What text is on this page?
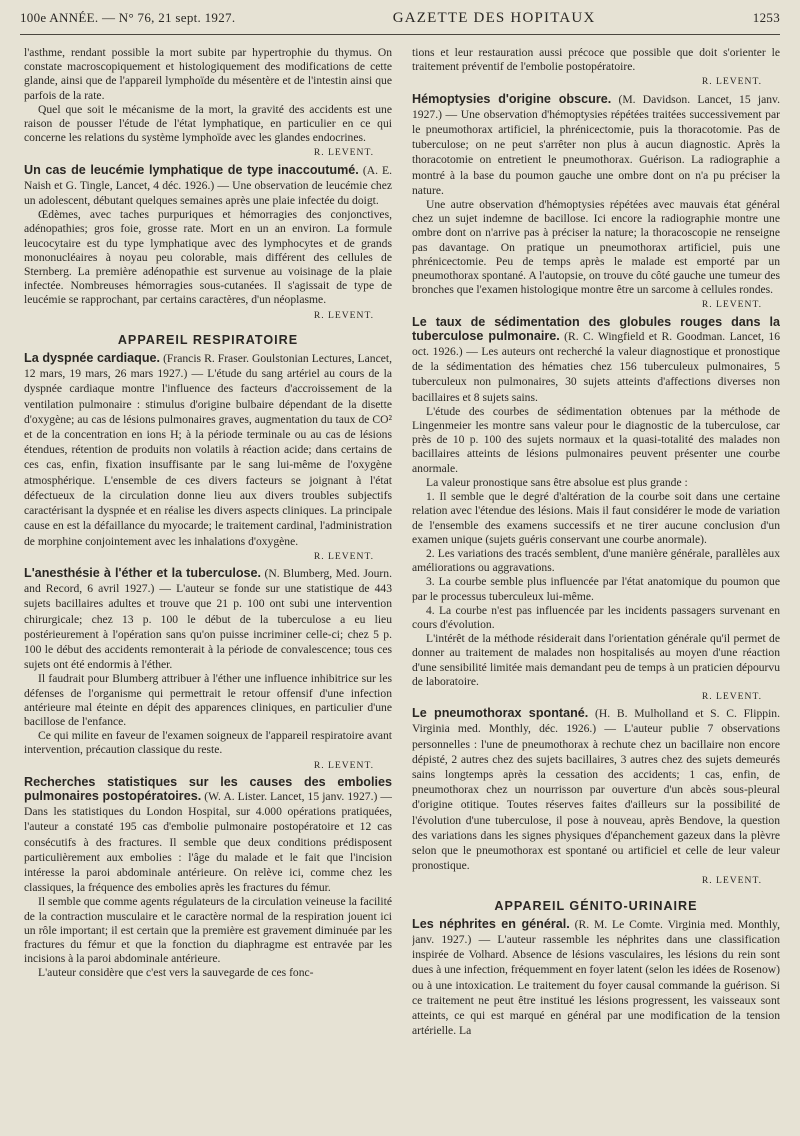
100e ANNÉE. — N° 76, 21 sept. 1927.	GAZETTE DES HOPITAUX	1253

l'asthme, rendant possible la mort subite par hypertrophie du thymus. On constate macroscopiquement et histologiquement des modifications de cette glande, ainsi que de l'appareil lymphoïde du mésentère et de l'intestin ainsi que parfois de la rate.

Quel que soit le mécanisme de la mort, la gravité des accidents est une raison de pousser l'étude de l'état lymphatique, en particulier en ce qui concerne les relations du système lymphoïde avec les glandes endocrines.

R. LEVENT.

Un cas de leucémie lymphatique de type inaccoutumé. (A. E. Naish et G. Tingle, Lancet, 4 déc. 1926.) — Une observation de leucémie chez un adolescent, débutant quelques semaines après une plaie infectée du doigt.

Œdèmes, avec taches purpuriques et hémorragies des conjonctives, adénopathies; gros foie, grosse rate. Mort en un an environ. La formule leucocytaire est du type lymphatique avec des lymphocytes et de grands mononucléaires à noyau peu colorable, mais différent des cellules de Sternberg. La première adénopathie est survenue au voisinage de la plaie infectée. Nombreuses hémorragies sous-cutanées. Il s'agissait de type de leucémie se rapprochant, par certains caractères, d'un néoplasme.

R. LEVENT.
APPAREIL RESPIRATOIRE

La dyspnée cardiaque. (Francis R. Fraser. Goulstonian Lectures, Lancet, 12 mars, 19 mars, 26 mars 1927.) — L'étude du sang artériel au cours de la dyspnée cardiaque montre l'influence des facteurs d'accroissement de la ventilation pulmonaire : stimulus d'origine bulbaire dépendant de la disette d'oxygène; au cas de lésions pulmonaires graves, augmentation du taux de CO² et de la concentration en ions H; à la période terminale ou au cas de lésions étendues, rétention de produits non volatils à réaction acide; dans certains de ces cas, enfin, fixation insuffisante par le sang lui-même de l'oxygène atmosphérique. L'ensemble de ces divers facteurs se joignant à l'état défectueux de la circulation donne lieu aux divers troubles subjectifs caractérisant la dyspnée et en réalise les divers aspects cliniques. La principale cause en est la défaillance du myocarde; le traitement cardinal, l'administration de morphine conjointement avec les inhalations d'oxygène.

R. LEVENT.

L'anesthésie à l'éther et la tuberculose. (N. Blumberg, Med. Journ. and Record, 6 avril 1927.) — L'auteur se fonde sur une statistique de 443 sujets bacillaires adultes et trouve que 21 p. 100 ont subi une intervention chirurgicale; chez 13 p. 100 le début de la tuberculose a eu lieu postérieurement à l'opération sans qu'on puisse incriminer celle-ci; chez 5 p. 100 le début des accidents remonterait à la période de convalescence; tous ces sujets ont été endormis à l'éther.

Il faudrait pour Blumberg attribuer à l'éther une influence inhibitrice sur les défenses de l'organisme qui permettrait le retour offensif d'une infection antérieure mal éteinte en dépit des apparences cliniques, en particulier d'une bacillose de l'enfance.

Ce qui milite en faveur de l'examen soigneux de l'appareil respiratoire avant intervention, précaution classique du reste.

R. LEVENT.

Recherches statistiques sur les causes des embolies pulmonaires postopératoires. (W. A. Lister. Lancet, 15 janv. 1927.) — Dans les statistiques du London Hospital, sur 4.000 opérations pratiquées, l'auteur a constaté 195 cas d'embolie pulmonaire postopératoire et 12 cas consécutifs à des fractures. Il semble que deux conditions prédisposent particulièrement aux embolies : l'âge du malade et le fait que l'incision intéresse la paroi abdominale antérieure. On relève ici, comme chez les classiques, la fréquence des embolies après les fractures du fémur.

Il semble que comme agents régulateurs de la circulation veineuse la facilité de la contraction musculaire et le caractère normal de la respiration jouent ici un rôle important; il est certain que la première est gravement diminuée par les fractures du fémur et que la fonction du diaphragme est entravée par les incisions à la paroi abdominale antérieure.

L'auteur considère que c'est vers la sauvegarde de ces fonc-

tions et leur restauration aussi précoce que possible que doit s'orienter le traitement préventif de l'embolie postopératoire.

R. LEVENT.

Hémoptysies d'origine obscure. (M. Davidson. Lancet, 15 janv. 1927.) — Une observation d'hémoptysies répétées traitées successivement par le pneumothorax artificiel, la phrénicectomie, puis la thoracotomie. Pas de tuberculose; on ne peut s'arrêter non plus à aucun diagnostic. Après la thoracotomie on entretient le pneumothorax. Guérison. La radiographie a montré à la base du poumon gauche une ombre dont on n'a pu préciser la nature.

Une autre observation d'hémoptysies répétées avec mauvais état général chez un sujet indemne de bacillose. Ici encore la radiographie montre une ombre dont on n'arrive pas à préciser la nature; la thoracoscopie ne renseigne pas davantage. On pratique un pneumothorax artificiel, puis une phrénicectomie. Peu de temps après le malade est emporté par un pneumothorax spontané. A l'autopsie, on trouve du côté gauche une tumeur des bronches que l'examen histologique montre être un sarcome à cellules rondes.

R. LEVENT.

Le taux de sédimentation des globules rouges dans la tuberculose pulmonaire. (R. C. Wingfield et R. Goodman. Lancet, 16 oct. 1926.) — Les auteurs ont recherché la valeur diagnostique et pronostique de la sédimentation des hématies chez 156 tuberculeux pulmonaires, 5 tuberculeux non pulmonaires, 30 sujets atteints d'affections diverses non bacillaires et 8 sujets sains.

L'étude des courbes de sédimentation obtenues par la méthode de Lingenmeier les montre sans valeur pour le diagnostic de la tuberculose, car près de 10 p. 100 des sujets normaux et la quasi-totalité des malades non bacillaires atteints de lésions pulmonaires peuvent présenter une courbe anormale.

La valeur pronostique sans être absolue est plus grande :

1. Il semble que le degré d'altération de la courbe soit dans une certaine relation avec l'étendue des lésions. Mais il faut considérer le mode de variation de l'ensemble des examens successifs et ne tirer aucune conclusion d'un examen unique (sujets guéris conservant une courbe anormale).

2. Les variations des tracés semblent, d'une manière générale, parallèles aux améliorations ou aggravations.

3. La courbe semble plus influencée par l'état anatomique du poumon que par le processus tuberculeux lui-même.

4. La courbe n'est pas influencée par les incidents passagers survenant en cours d'évolution.

L'intérêt de la méthode résiderait dans l'orientation générale qu'il permet de donner au traitement de malades non hospitalisés au moyen d'une réaction d'une sensibilité limitée mais demandant peu de temps à un praticien dépourvu de laboratoire.

R. LEVENT.

Le pneumothorax spontané. (H. B. Mulholland et S. C. Flippin. Virginia med. Monthly, déc. 1926.) — L'auteur publie 7 observations personnelles : l'une de pneumothorax à rechute chez un bacillaire non encore dépisté, 2 autres chez des sujets bacillaires, 3 autres chez des sujets demeurés sains longtemps après la cessation des accidents; 1 cas, enfin, de pneumothorax chez un nourrisson par ouverture d'un abcès sous-pleural d'origine otitique. Toutes réserves faites d'ailleurs sur la possibilité de l'évolution d'une tuberculose, il pose à nouveau, après Bendove, la question des variations dans les signes physiques d'épanchement gazeux dans la plèvre selon que le pneumothorax est spontané ou artificiel et celle de leur valeur pronostique.

R. LEVENT.
APPAREIL GÉNITO-URINAIRE

Les néphrites en général. (R. M. Le Comte. Virginia med. Monthly, janv. 1927.) — L'auteur rassemble les néphrites dans une classification inspirée de Volhard. Absence de lésions vasculaires, les lésions du rein sont dues à une infection, fréquemment en foyer latent (selon les idées de Rosenow) ou à une intoxication. Le traitement du foyer causal commande la guérison. Si ce traitement ne peut être institué les lésions progressent, les vaisseaux sont atteints, ce qui est marqué en général par une modification de la tension artérielle. La
